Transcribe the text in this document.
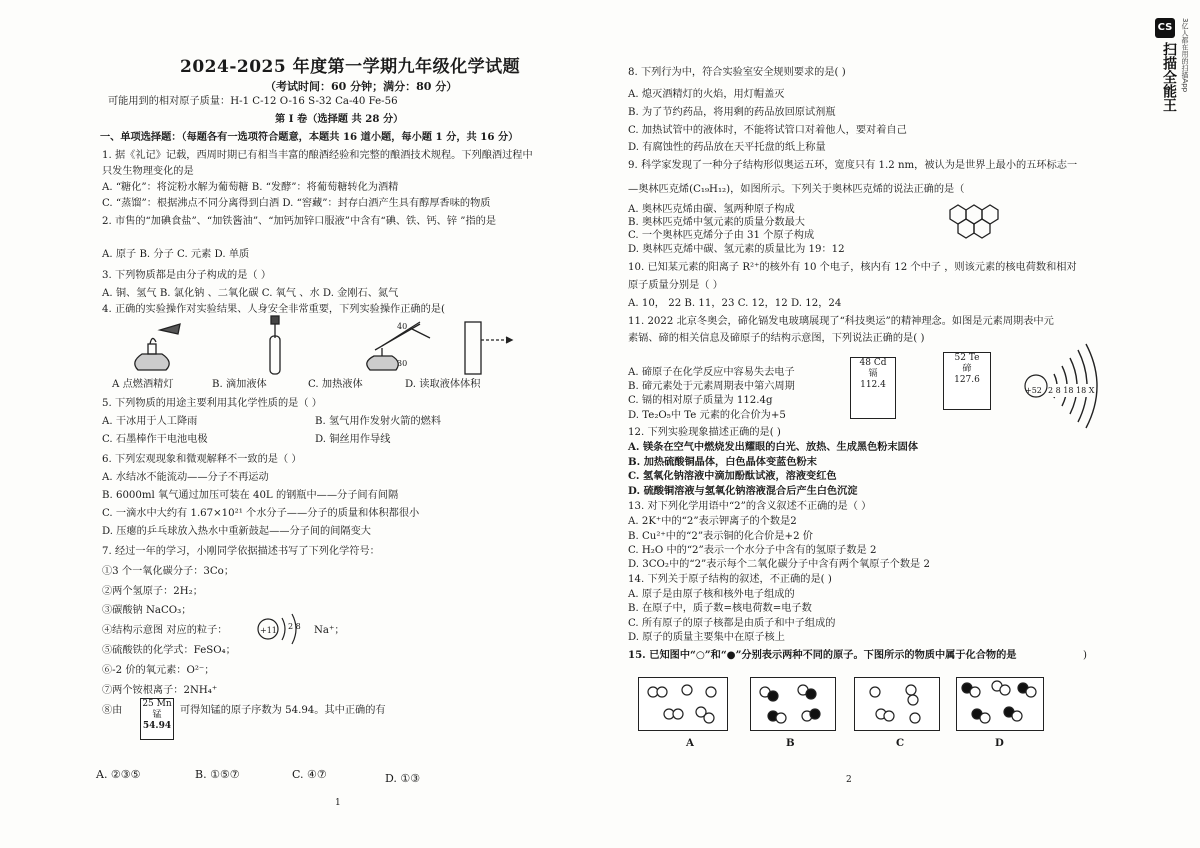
2024-2025 年度第一学期九年级化学试题
（考试时间：60 分钟；满分：80 分）
可能用到的相对原子质量：H-1 C-12 O-16 S-32 Ca-40 Fe-56
第 I 卷（选择题 共 28 分）
一、单项选择题：（每题各有一选项符合题意，本题共 16 道小题，每小题 1 分，共 16 分）
1. 据《礼记》记载，西周时期已有相当丰富的酿酒经验和完整的酿酒技术规程。下列酿酒过程中
只发生物理变化的是
A. “糖化”：将淀粉水解为葡萄糖 B. “发酵”：将葡萄糖转化为酒精
C. “蒸馏”：根据沸点不同分离得到白酒 D. “窖藏”：封存白酒产生具有醇厚香味的物质
2. 市售的“加碘食盐”、“加铁酱油”、“加钙加锌口服液”中含有“碘、铁、钙、锌 ”指的是
A. 原子 B. 分子 C. 元素 D. 单质
3. 下列物质都是由分子构成的是（ ）
A. 铜、氢气 B. 氯化钠 、二氧化碳 C. 氧气 、水 D. 金刚石、氮气
4. 正确的实验操作对实验结果、人身安全非常重要，下列实验操作正确的是(
40
30
A 点燃酒精灯	B. 滴加液体	C. 加热液体	D. 读取液体体积
5. 下列物质的用途主要利用其化学性质的是（ ）
A. 干冰用于人工降雨	B. 氢气用作发射火箭的燃料
C. 石墨棒作干电池电极	D. 铜丝用作导线
6. 下列宏观现象和微观解释不一致的是（ ）
A. 水结冰不能流动——分子不再运动
B. 6000ml 氧气通过加压可装在 40L 的钢瓶中——分子间有间隔
C. 一滴水中大约有 1.67×10²¹ 个水分子——分子的质量和体积都很小
D. 压瘪的乒乓球放入热水中重新鼓起——分子间的间隔变大
7. 经过一年的学习，小刚同学依据描述书写了下列化学符号：
①3 个一氧化碳分子：3Co；
②两个氢原子：2H₂；
③碳酸钠 NaCO₃；
④结构示意图 对应的粒子：	+11 2 8 Na⁺；
⑤硫酸铁的化学式：FeSO₄；
⑥-2 价的氧元素：O²⁻；
⑦两个铵根离子：2NH₄⁺
⑧由
25 Mn
锰
54.94
可得知锰的原子序数为 54.94。其中正确的有
A. ②③⑤	B. ①⑤⑦	C. ④⑦	D. ①③
1
8. 下列行为中，符合实验室安全规则要求的是( )
A. 熄灭酒精灯的火焰，用灯帽盖灭
B. 为了节约药品，将用剩的药品放回原试剂瓶
C. 加热试管中的液体时，不能将试管口对着他人，要对着自己
D. 有腐蚀性的药品放在天平托盘的纸上称量
9. 科学家发现了一种分子结构形似奥运五环，宽度只有 1.2 nm，被认为是世界上最小的五环标志一
—奥林匹克烯(C₁₉H₁₂)，如图所示。下列关于奥林匹克烯的说法正确的是（
A. 奥林匹克烯由碳、氢两种原子构成
B. 奥林匹克烯中氢元素的质量分数最大
C. 一个奥林匹克烯分子由 31 个原子构成
D. 奥林匹克烯中碳、氢元素的质量比为 19：12
10. 已知某元素的阳离子 R²⁺的核外有 10 个电子，核内有 12 个中子 ，则该元素的核电荷数和相对
原子质量分别是（ ）
A. 10， 22 B. 11，23 C. 12，12 D. 12，24
11. 2022 北京冬奥会，碲化镉发电玻璃展现了“科技奥运”的精神理念。如图是元素周期表中元
素镉、碲的相关信息及碲原子的结构示意图，下列说法正确的是( )
A. 碲原子在化学反应中容易失去电子
B. 碲元素处于元素周期表中第六周期
C. 镉的相对原子质量为 112.4g
D. Te₂O₅中 Te 元素的化合价为+5
48 Cd
镉
112.4
52 Te
碲
127.6
+52 2 8 18 18 X
12. 下列实验现象描述正确的是( )
A. 镁条在空气中燃烧发出耀眼的白光、放热、生成黑色粉末固体
B. 加热硫酸铜晶体，白色晶体变蓝色粉末
C. 氢氧化钠溶液中滴加酚酞试液，溶液变红色
D. 硫酸铜溶液与氢氧化钠溶液混合后产生白色沉淀
13. 对下列化学用语中“2”的含义叙述不正确的是（ ）
A. 2K⁺中的“2”表示钾离子的个数是2
B. Cu²⁺中的“2”表示铜的化合价是+2 价
C. H₂O 中的“2”表示一个水分子中含有的氢原子数是 2
D. 3CO₂中的“2”表示每个二氧化碳分子中含有两个氧原子个数是 2
14. 下列关于原子结构的叙述，不正确的是( )
A. 原子是由原子核和核外电子组成的
B. 在原子中，质子数=核电荷数=电子数
C. 所有原子的原子核都是由质子和中子组成的
D. 原子的质量主要集中在原子核上
15. 已知图中“○”和“●”分别表示两种不同的原子。下图所示的物质中属于化合物的是	)
A	B	C	D
2
CS
扫描全能王 3亿人都在用的扫描App
